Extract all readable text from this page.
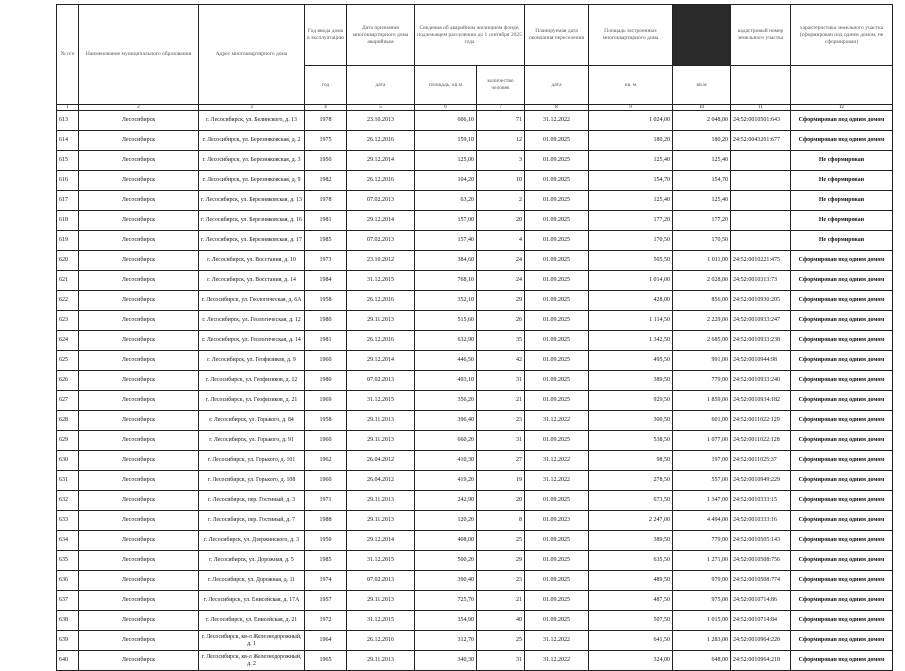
№ п/п	Наименование муниципального образования	Адрес многоквартирного дома	Год ввода дома в эксплуатацию	Дата признания многоквартирного дома аварийным	Сведения об аварийном жилищном фонде, подлежащем расселению до 1 сентября 2025 года		Планируемая дата окончания переселения	Площадь застроенных многоквартирного дома		кадастровый номер земельного участка	характеристика земельного участка (сформирован под одним домом, не сформирован)
			год	дата	площадь, кв.м	количество человек	дата	кв. м	кв.м		
1	2	3	4	5	6	7	8	9	10	11	12
613	Лесосибирск	г. Лесосибирск, ул. Белинского, д. 13	1978	23.10.2013	606,10	71	31.12.2022	1 024,00	2 048,00	24:52:0010501:643	Сформирован под одним домом
614	Лесосибирск	г. Лесосибирск, ул. Березняковская, д. 2	1975	26.12.2016	159,10	12	01.09.2025	180,20	180,20	24:52:0043201:677	Сформирован под одним домом
615	Лесосибирск	г. Лесосибирск, ул. Березняковская, д. 3	1950	29.12.2014	125,00	3	01.09.2025	125,40	125,40		Не сформирован
616	Лесосибирск	г. Лесосибирск, ул. Березняковская, д. 9	1982	26.12.2016	104,20	10	01.09.2025	154,70	154,70		Не сформирован
617	Лесосибирск	г. Лесосибирск, ул. Березняковская, д. 13	1978	07.02.2013	63,20	2	01.09.2025	125,40	125,40		Не сформирован
618	Лесосибирск	г. Лесосибирск, ул. Березняковская, д. 16	1981	29.12.2014	157,00	20	01.09.2025	177,20	177,20		Не сформирован
619	Лесосибирск	г. Лесосибирск, ул. Березняковская, д. 17	1985	07.02.2013	157,40	4	01.09.2025	170,50	170,50		Не сформирован
620	Лесосибирск	г. Лесосибирск, ул. Восстания, д. 10	1973	23.10.2012	384,60	24	01.09.2025	505,50	1 011,00	24:52:0010221:475	Сформирован под одним домом
621	Лесосибирск	г. Лесосибирск, ул. Восстания, д. 14	1984	31.12.2015	768,10	24	01.09.2025	1 014,00	2 028,00	24:52:0010313:73	Сформирован под одним домом
622	Лесосибирск	г. Лесосибирск, ул. Геологическая, д. 6А	1958	26.12.2016	352,10	29	01.09.2025	428,00	856,00	24:52:0010930:205	Сформирован под одним домом
623	Лесосибирск	г. Лесосибирск, ул. Геологическая, д. 12	1980	29.11.2013	515,60	26	01.09.2025	1 114,50	2 229,00	24:52:0010933:247	Сформирован под одним домом
624	Лесосибирск	г. Лесосибирск, ул. Геологическая, д. 14	1981	26.12.2016	632,90	35	01.09.2025	1 342,50	2 685,00	24:52:0010933:238	Сформирован под одним домом
625	Лесосибирск	г. Лесосибирск, ул. Геофизиков, д. 9	1960	29.12.2014	446,50	42	01.09.2025	495,50	991,00	24:52:0010944:98	Сформирован под одним домом
626	Лесосибирск	г. Лесосибирск, ул. Геофизиков, д. 12	1980	07.02.2013	493,10	31	01.09.2025	389,50	779,00	24:52:0010933:240	Сформирован под одним домом
627	Лесосибирск	г. Лесосибирск, ул. Геофизиков, д. 21	1969	31.12.2015	356,20	21	01.09.2025	929,50	1 859,00	24:52:0010934:182	Сформирован под одним домом
628	Лесосибирск	г. Лесосибирск, ул. Горького, д. 84	1958	29.11.2013	396,40	23	31.12.2022	300,50	601,00	24:52:0011022:129	Сформирован под одним домом
629	Лесосибирск	г. Лесосибирск, ул. Горького, д. 91	1960	29.11.2013	660,20	31	01.09.2025	538,50	1 077,00	24:52:0011022:128	Сформирован под одним домом
630	Лесосибирск	г. Лесосибирск, ул. Горького, д. 101	1962	26.04.2012	410,30	27	31.12.2022	98,50	197,00	24:52:0011025:37	Сформирован под одним домом
631	Лесосибирск	г. Лесосибирск, ул. Горького, д. 108	1960	26.04.2012	419,20	19	31.12.2022	278,50	557,00	24:52:0010949:229	Сформирован под одним домом
632	Лесосибирск	г. Лесосибирск, пер. Гостиный, д. 3	1971	29.11.2013	242,90	20	01.09.2025	673,50	1 347,00	24:52:0010333:15	Сформирован под одним домом
633	Лесосибирск	г. Лесосибирск, пер. Гостиный, д. 7	1988	29.11.2013	120,20	8	01.09.2023	2 247,00	4 494,00	24:52:0010333:16	Сформирован под одним домом
634	Лесосибирск	г. Лесосибирск, ул. Дзержинского, д. 3	1950	29.12.2014	408,00	25	01.09.2025	389,50	779,00	24:52:0010505:143	Сформирован под одним домом
635	Лесосибирск	г. Лесосибирск, ул. Дорожная, д. 5	1985	31.12.2015	500,20	29	01.09.2025	635,50	1 271,00	24:52:0010508:756	Сформирован под одним домом
636	Лесосибирск	г. Лесосибирск, ул. Дорожная, д. 11	1974	07.02.2013	390,40	23	01.09.2025	489,50	979,00	24:52:0010508:774	Сформирован под одним домом
637	Лесосибирск	г. Лесосибирск, ул. Енисейская, д. 17А	1957	29.11.2013	725,70	21	01.09.2025	487,50	975,00	24:52:0010714:86	Сформирован под одним домом
638	Лесосибирск	г. Лесосибирск, ул. Енисейская, д. 21	1972	31.12.2015	354,90	40	01.09.2025	507,50	1 015,00	24:52:0010714:84	Сформирован под одним домом
639	Лесосибирск	г. Лесосибирск, кв-л Железнодорожный, д. 1	1964	26.12.2016	312,70	25	31.12.2022	641,50	1 283,00	24:52:0010964:220	Сформирован под одним домом
640	Лесосибирск	г. Лесосибирск, кв-л Железнодорожный, д. 2	1965	29.11.2013	340,30	31	31.12.2022	324,00	648,00	24:52:0010964:218	Сформирован под одним домом
